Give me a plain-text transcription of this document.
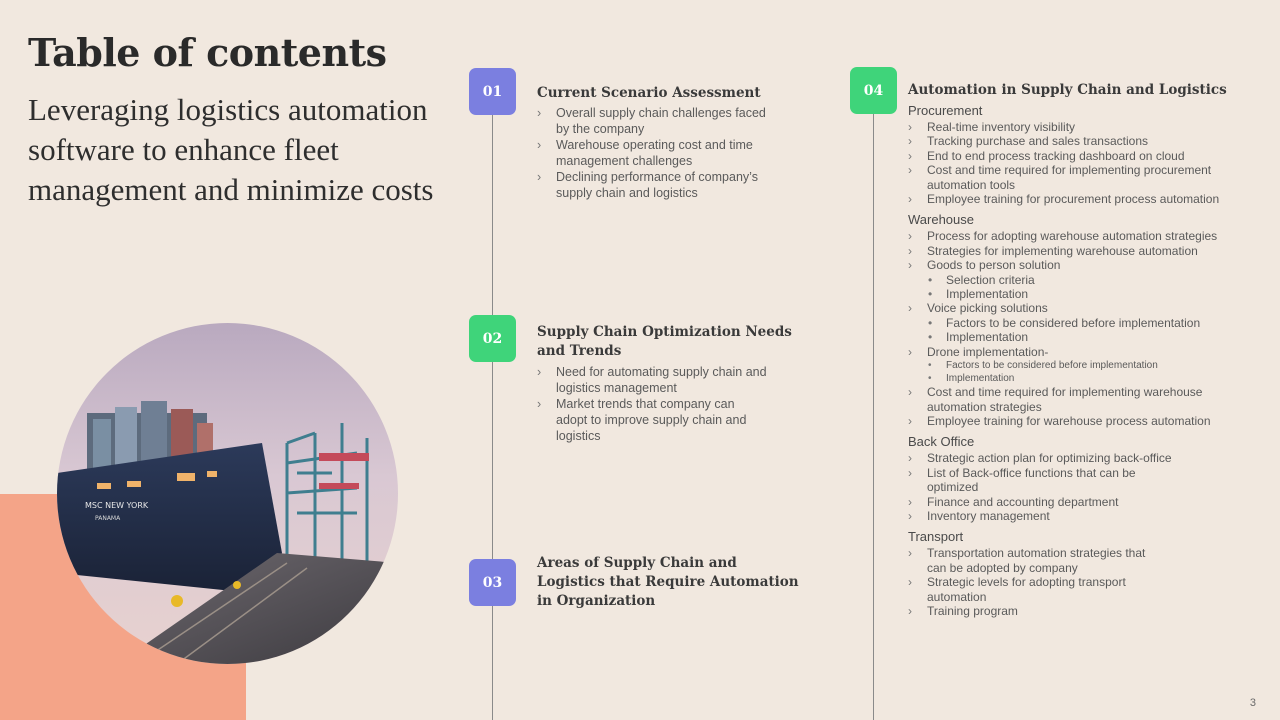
Table of contents

Leveraging logistics automation software to enhance fleet management and minimize costs

MSC NEW YORK
PANAMA
01	Current Scenario Assessment
› Overall supply chain challenges faced by the company
› Warehouse operating cost and time management challenges
› Declining performance of company’s supply chain and logistics
02	Supply Chain Optimization Needs and Trends
› Need for automating supply chain and logistics management
› Market trends that company can adopt to improve supply chain and logistics
03
Areas of Supply Chain and Logistics that Require Automation in Organization
04	Automation in Supply Chain and Logistics

Procurement

› Real-time inventory visibility
› Tracking purchase and sales transactions
› End to end process tracking dashboard on cloud
› Cost and time required for implementing procurement automation tools
› Employee training for procurement process automation

Warehouse

› Process for adopting warehouse automation strategies
› Strategies for implementing warehouse automation
› Goods to person solution
• Selection criteria
• Implementation
› Voice picking solutions
• Factors to be considered before implementation
• Implementation
› Drone implementation-
• Factors to be considered before implementation
• Implementation
› Cost and time required for implementing warehouse automation strategies
› Employee training for warehouse process automation

Back Office

› Strategic action plan for optimizing back-office
› List of Back-office functions that can be optimized
› Finance and accounting department
› Inventory management

Transport

› Transportation automation strategies that can be adopted by company
› Strategic levels for adopting transport automation
› Training program
3
